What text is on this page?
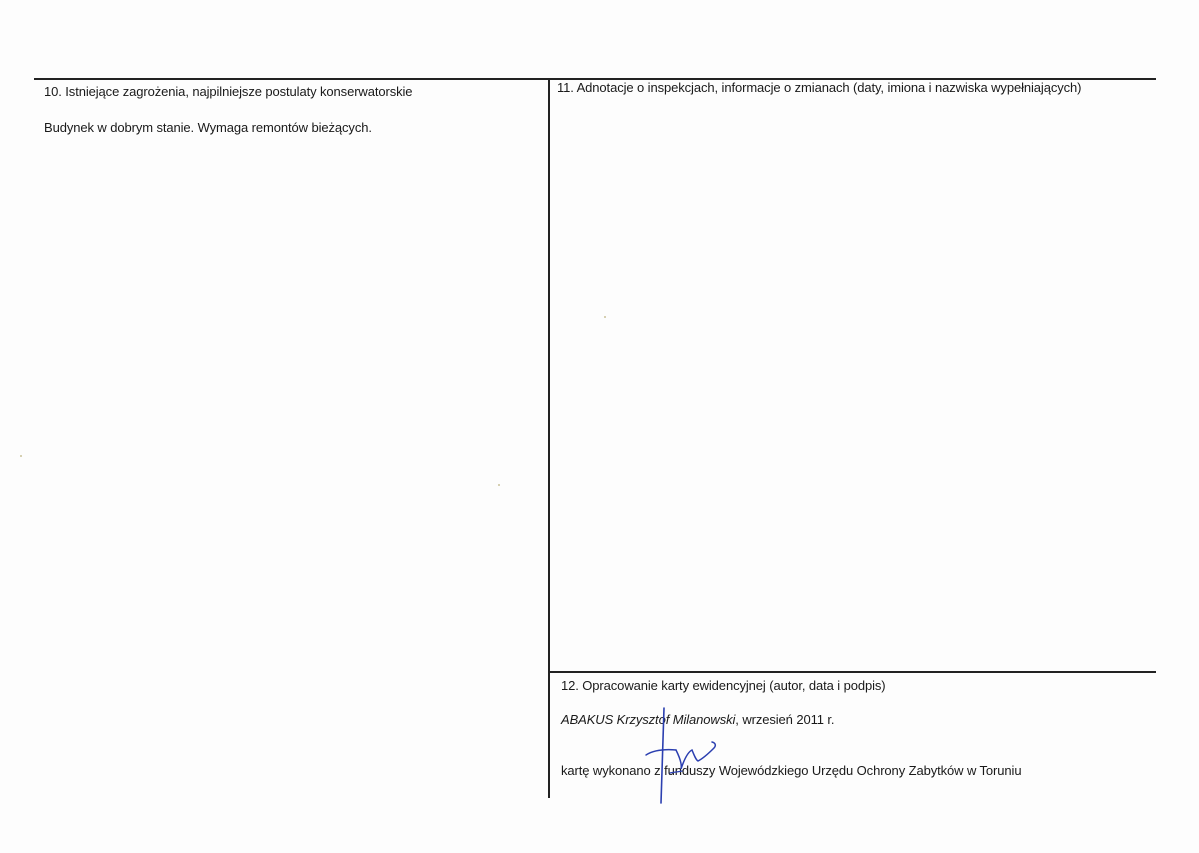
10. Istniejące zagrożenia, najpilniejsze postulaty konserwatorskie
Budynek w dobrym stanie. Wymaga remontów bieżących.
11. Adnotacje o inspekcjach, informacje o zmianach (daty, imiona i nazwiska wypełniających)
12. Opracowanie karty ewidencyjnej (autor, data i podpis)
ABAKUS Krzysztof Milanowski, wrzesień 2011 r.
kartę wykonano z funduszy Wojewódzkiego Urzędu Ochrony Zabytków w Toruniu
